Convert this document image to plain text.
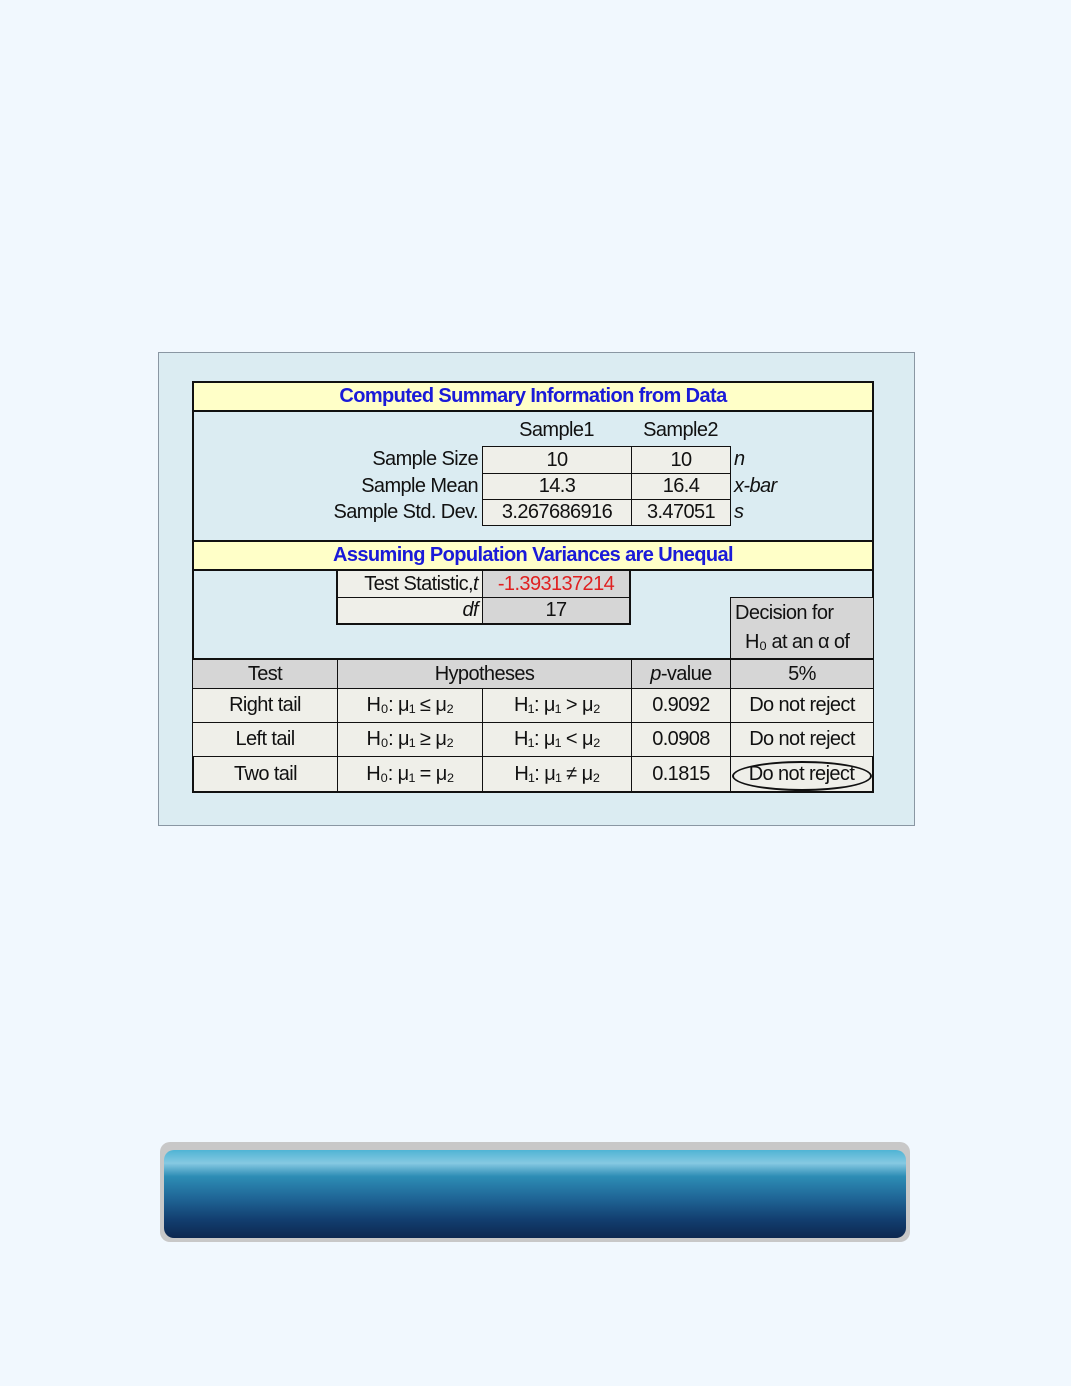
Computed Summary Information from Data
Sample1	Sample2
Sample Size	10	10	n
Sample Mean	14.3	16.4	x-bar
Sample Std. Dev.	3.267686916	3.47051 s
Assuming Population Variances are Unequal
Test Statistic, t -1.393137214
df	17	Decision for
H₀ at an α of
Test	Hypotheses	p -value	5%
Right tail	H₀: μ₁ ≤ μ₂	H₁: μ₁ > μ₂	0.9092	Do not reject
Left tail	H₀: μ₁ ≥ μ₂	H₁: μ₁ < μ₂	0.0908	Do not reject
Two tail	H₀: μ₁ = μ₂	H₁: μ₁ ≠ μ₂	0.1815	Do not reject
